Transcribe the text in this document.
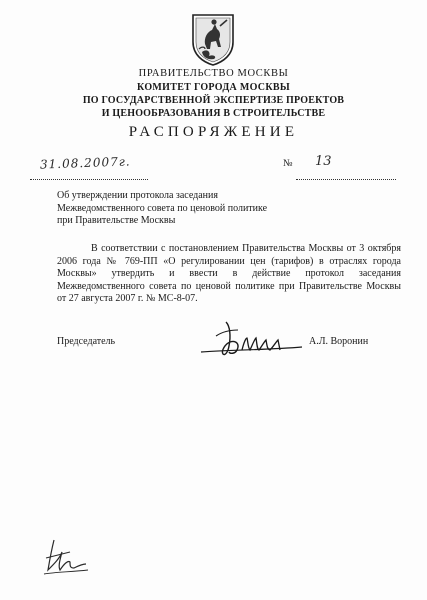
ПРАВИТЕЛЬСТВО МОСКВЫ
КОМИТЕТ ГОРОДА МОСКВЫ
ПО ГОСУДАРСТВЕННОЙ ЭКСПЕРТИЗЕ ПРОЕКТОВ
И ЦЕНООБРАЗОВАНИЯ В СТРОИТЕЛЬСТВЕ
РАСПОРЯЖЕНИЕ
31.08.2007г.	№ 13
Об утверждении протокола заседания
Межведомственного совета по ценовой политике
при Правительстве Москвы
В соответствии с постановлением Правительства Москвы от 3 октября
2006 года № 769-ПП «О регулировании цен (тарифов) в отраслях города
Москвы» утвердить и ввести в действие протокол заседания
Межведомственного совета по ценовой политике при Правительстве Москвы
от 27 августа 2007 г. № МС-8-07.
Председатель	А.Л. Воронин
